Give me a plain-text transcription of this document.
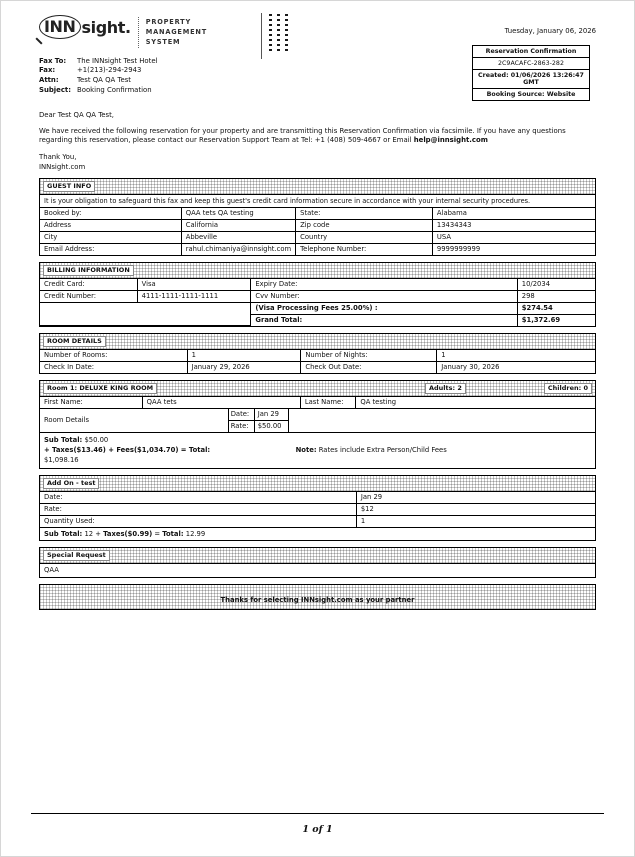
INN sight.	PROPERTY
MANAGEMENT
SYSTEM
Fax To:	The INNsight Test Hotel
Fax:	+1(213)-294-2943
Attn:	Test QA QA Test
Subject: Booking Confirmation
Tuesday, January 06, 2026
Reservation Confirmation
2C9ACAFC-2863-282
Created: 01/06/2026 13:26:47 GMT
Booking Source: Website

Dear Test QA QA Test,

We have received the following reservation for your property and are transmitting this Reservation Confirmation via facsimile. If you have any questions regarding this reservation, please contact our Reservation Support Team at Tel: +1 (408) 509-4667 or Email help@innsight.com

Thank You,
INNsight.com

GUEST INFO
It is your obligation to safeguard this fax and keep this guest's credit card information secure in accordance with your internal security procedures.
Booked by:	QAA tets QA testing	State:	Alabama
Address	California	Zip code	13434343
City	Abbeville	Country	USA
Email Address:	rahul.chimaniya@innsight.com	Telephone Number:	9999999999
BILLING INFORMATION
Credit Card:	Visa	Expiry Date:	10/2034
Credit Number:	4111-1111-1111-1111	Cvv Number:	298
		(Visa Processing Fees 25.00%) :	$274.54
		Grand Total:	$1,372.69
ROOM DETAILS
Number of Rooms:	1	Number of Nights:	1
Check In Date:	January 29, 2026	Check Out Date:	January 30, 2026
Room 1: DELUXE KING ROOM	Adults: 2	Children: 0
First Name:	QAA tets	Last Name:	QA testing
Room Details
Date:	Jan 29
Rate:	$50.00
Sub Total: $50.00
+ Taxes($13.46) + Fees($1,034.70) = Total:	Note: Rates include Extra Person/Child Fees
$1,098.16
Add On - test
Date:	Jan 29
Rate:	$12
Quantity Used:	1
Sub Total: 12 + Taxes($0.99) = Total: 12.99
Special Request
QAA
Thanks for selecting INNsight.com as your partner
1 of 1
